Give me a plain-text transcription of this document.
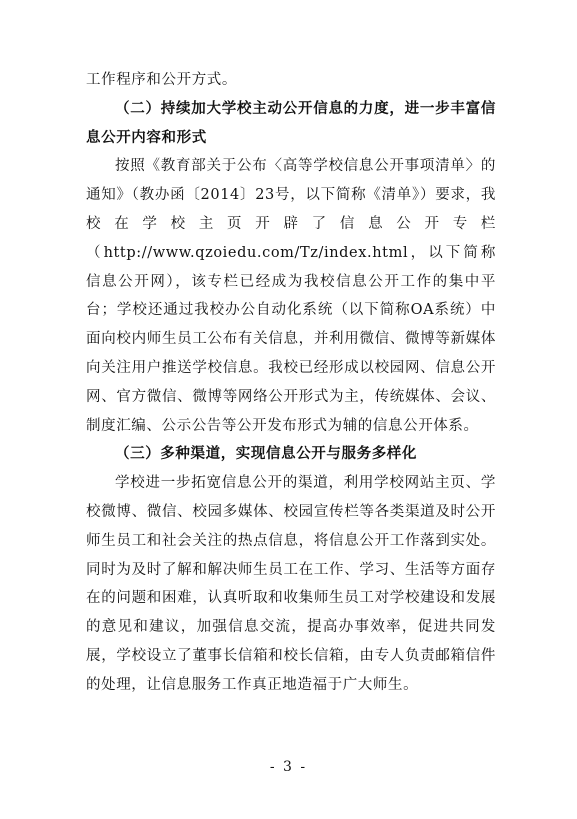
工作程序和公开方式。

（二）持续加大学校主动公开信息的力度，进一步丰富信息公开内容和形式

按照《教育部关于公布〈高等学校信息公开事项清单〉的通知》（教办函〔2014〕23号，以下简称《清单》）要求，我校在学校主页开辟了信息公开专栏（http://www.qzoiedu.com/Tz/index.html，以下简称信息公开网），该专栏已经成为我校信息公开工作的集中平台；学校还通过我校办公自动化系统（以下简称OA系统）中面向校内师生员工公布有关信息，并利用微信、微博等新媒体向关注用户推送学校信息。我校已经形成以校园网、信息公开网、官方微信、微博等网络公开形式为主，传统媒体、会议、制度汇编、公示公告等公开发布形式为辅的信息公开体系。

（三）多种渠道，实现信息公开与服务多样化

学校进一步拓宽信息公开的渠道，利用学校网站主页、学校微博、微信、校园多媒体、校园宣传栏等各类渠道及时公开师生员工和社会关注的热点信息，将信息公开工作落到实处。同时为及时了解和解决师生员工在工作、学习、生活等方面存在的问题和困难，认真听取和收集师生员工对学校建设和发展的意见和建议，加强信息交流，提高办事效率，促进共同发展，学校设立了董事长信箱和校长信箱，由专人负责邮箱信件的处理，让信息服务工作真正地造福于广大师生。

- 3 -
